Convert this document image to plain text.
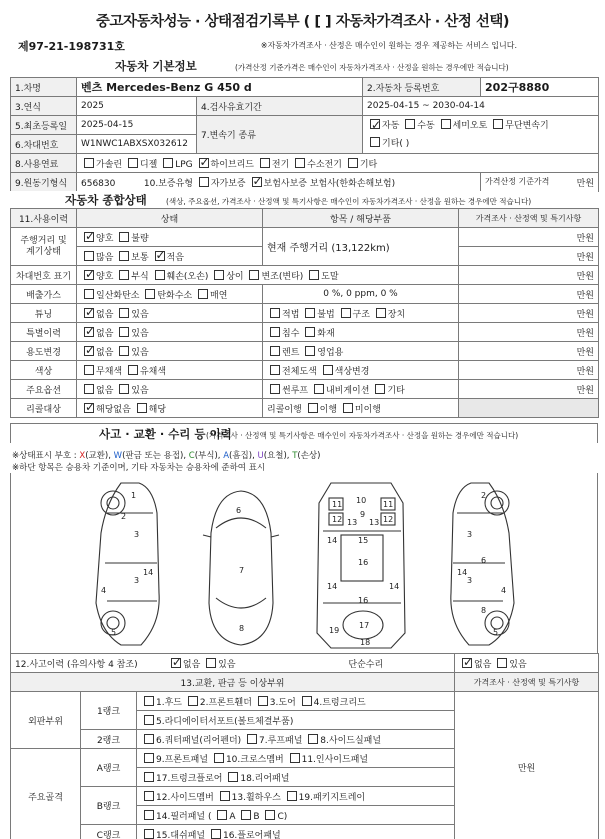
중고자동차성능 · 상태점검기록부 ( [ ] 자동차가격조사 · 산정 선택)
제97-21-198731호	※자동차가격조사 · 산정은 매수인이 원하는 경우 제공하는 서비스 입니다.
자동차 기본정보	(가격산정 기준가격은 매수인이 자동차가격조사 · 산정을 원하는 경우에만 적습니다)
1.차명	벤츠 Mercedes-Benz G 450 d		2.자동차 등록번호	202구8880
3.연식	2025	4.검사유효기간	2025-04-15 ~ 2030-04-14	
5.최초등록일	2025-04-15	7.변속기 종류	✓자동 수동 세미오토 무단변속기
기타( )
6.차대번호	W1NWC1ABXSX032612			
8.사용연료	가솔린 디젤 LPG ✓ 하이브리드 전기 수소전기 기타
9.원동기형식	656830 10.보증유형 자가보증 ✓ 보험사보증 보험사(한화손해보험)			가격산정 기준가격 만원
자동차 종합상태	(색상, 주요옵션, 가격조사 · 산정액 및 특기사항은 매수인이 자동차가격조사 · 산정을 원하는 경우에만 적습니다)
11.사용이력	상태	항목 / 해당부품	가격조사 · 산정액 및 특기사항
주행거리 및 계기상태	✓양호 불량	현재 주행거리 (13,122km)	만원
	많음 보통 ✓ 적음		만원
차대번호 표기	✓양호 부식 훼손(오손) 상이 변조(변타) 도말		만원
배출가스	일산화탄소 탄화수소 매연	0 %, 0 ppm, 0 %	만원
튜닝	✓없음 있음	적법 불법 구조 장치	만원
특별이력	✓없음 있음	침수 화재	만원
용도변경	✓없음 있음	렌트 영업용	만원
색상	무채색 유채색	전체도색 색상변경	만원
주요옵션	없음 있음	썬루프 내비게이션 기타	만원
리콜대상	✓해당없음 해당	리콜이행 이행 미이행	
사고 · 교환 · 수리 등 이력
(가격조사 · 산정액 및 특기사항은 매수인이 자동차가격조사 · 산정을 원하는 경우에만 적습니다)
※상태표시 부호 : X(교환), W(판금 또는 용접), C(부식), A(흠집), U(요철), T(손상)
※하단 항목은 승용차 기준이며, 기타 자동차는 승용차에 준하여 표시
1
2
3
3
14
4
5
6
7
8
11 10 11
12	12
9
13 13
14	15
16
16
14	14
17
18
19
2
3
3
14
4
6
8
5
12.사고이력 (유의사항 4 참조) ✓ 없음 있음 단순수리	✓없음 있음
13.교환, 판금 등 이상부위			가격조사 · 산정액 및 특기사항
외판부위	1랭크	1.후드 2.프론트휀더 3.도어 4.트렁크리드	만원
		5.라디에이터서포트(볼트체결부품)	
	2랭크	6.쿼터패널(리어펜더) 7.루프패널 8.사이드실패널	
주요골격	A랭크	9.프론트패널 10.크로스멤버 11.인사이드패널	
		17.트렁크플로어 18.리어패널	
	B랭크	12.사이드멤버 13.휠하우스 19.패키지트레이	
		14.필러패널 ( A B C)	
	C랭크	15.대쉬패널 16.플로어패널	
